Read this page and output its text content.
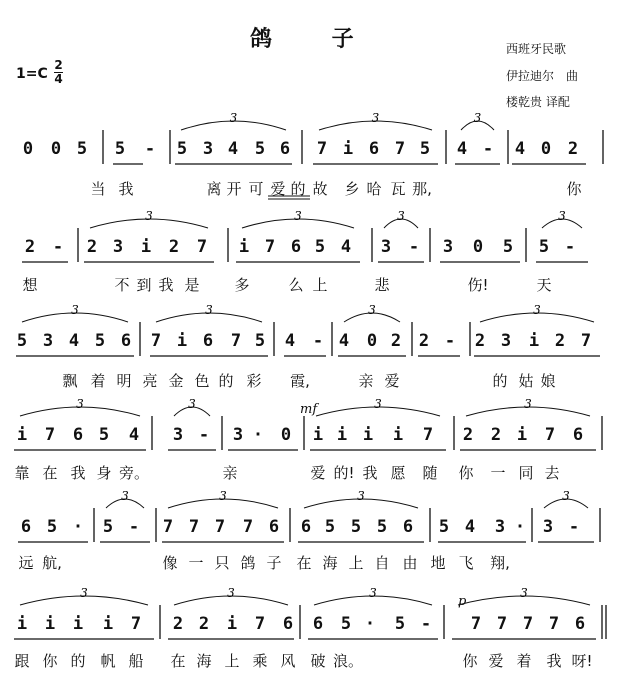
鸽 子	西班牙民歌
伊拉迪尔　曲
楼乾贵 译配
1=C
2
4
mf
p
0 0 5 5 - 5 3 4 5 6 7 i 6 7 5 4 - 4 0 2
当 我	离 开 可 爱 的 故 乡 哈 瓦 那,	你
2 - 2 3 i 2 7 i 7 6 5 4 3 - 3 0 5 5 -
想	不 到 我 是 多	么	悲	伤!	天
上
5 3 4 5 6 7 i 6 7 5 4 - 4 0 2 2 - 2 3 i 2 7
飘 着 明 亮 金 色 的 彩 霞,	亲 爱	的 姑 娘
i 7 6 5 4 3 - 3 · 0 i i i i 7 2 2 i 7 6
靠 在 我 身 旁。	亲	爱 的! 我 愿 随 你 一 同 去
6 5 · 5 - 7 7 7 7 6 6 5 5 5 6 5 4 3 · 3 -
远 航,	像 一 只 鸽 子 在 海 上 自 由 地 飞 翔,
i i i i 7 2 2 i 7 6 6 5 · 5 - 7 7 7 7 6
跟 你 的 帆 船 在 海 上 乘 风 破 浪。	你 爱 着 我 呀!
3	3	3
3	3	3	3
3	3	3	3
3	3	3	3
3	3	3	3
3	3	3	3
